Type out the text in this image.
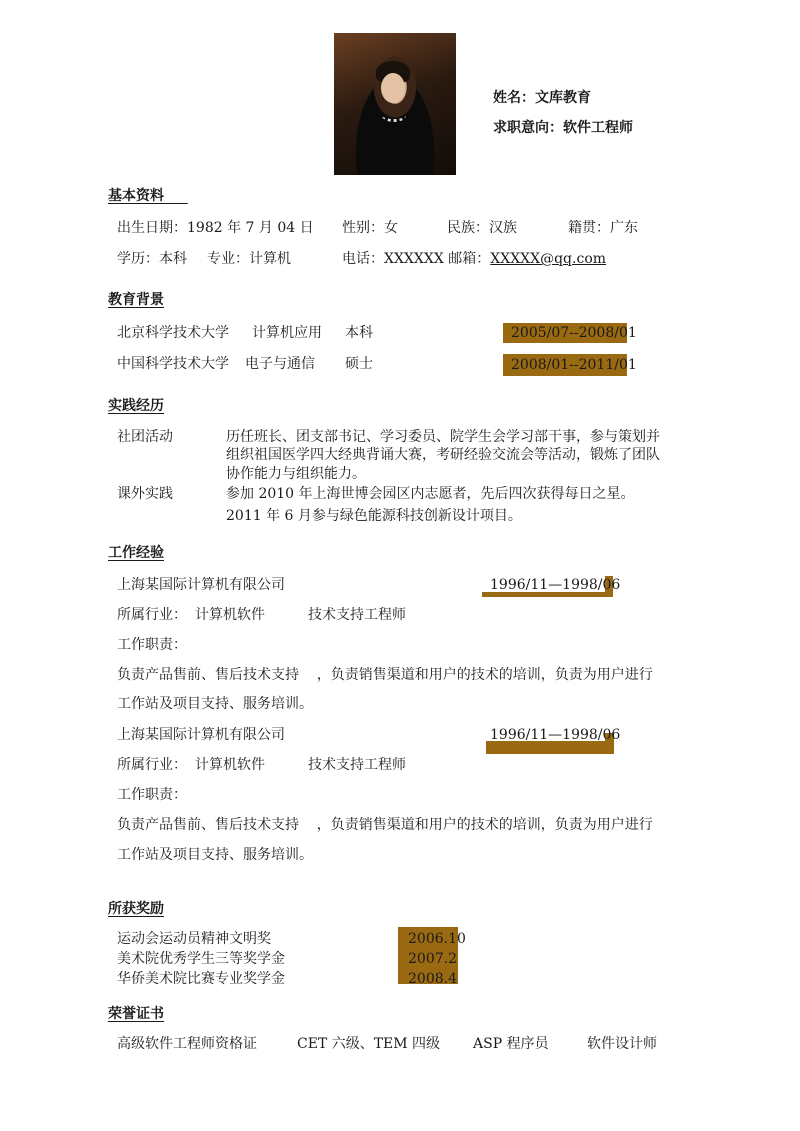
姓名：文库教育
求职意向：软件工程师
基本资料　
出生日期：1982 年 7 月 04 日 性别：女	民族：汉族	籍贯：广东
学历：本科 专业：计算机	电话：XXXXXX 邮箱：XXXXX@qq.com
教育背景
北京科学技术大学 计算机应用 本科	2005/07--2008/01
中国科学技术大学 电子与通信 硕士	2008/01--2011/01
实践经历
社团活动	历任班长、团支部书记、学习委员、院学生会学习部干事，参与策划并
组织祖国医学四大经典背诵大赛，考研经验交流会等活动，锻炼了团队
协作能力与组织能力。
课外实践	参加 2010 年上海世博会园区内志愿者，先后四次获得每日之星。
2011 年 6 月参与绿色能源科技创新设计项目。
工作经验
上海某国际计算机有限公司	1996/11—1998/06
所属行业： 计算机软件	技术支持工程师
工作职责：
负责产品售前、售后技术支持    ，负责销售渠道和用户的技术的培训，负责为用户进行
工作站及项目支持、服务培训。
上海某国际计算机有限公司	1996/11—1998/06
所属行业： 计算机软件	技术支持工程师
工作职责：
负责产品售前、售后技术支持    ，负责销售渠道和用户的技术的培训，负责为用户进行
工作站及项目支持、服务培训。
所获奖励
运动会运动员精神文明奖	2006.10
美术院优秀学生三等奖学金	2007.2
华侨美术院比赛专业奖学金	2008.4
荣誉证书
高级软件工程师资格证	CET 六级、TEM 四级 ASP 程序员	软件设计师
